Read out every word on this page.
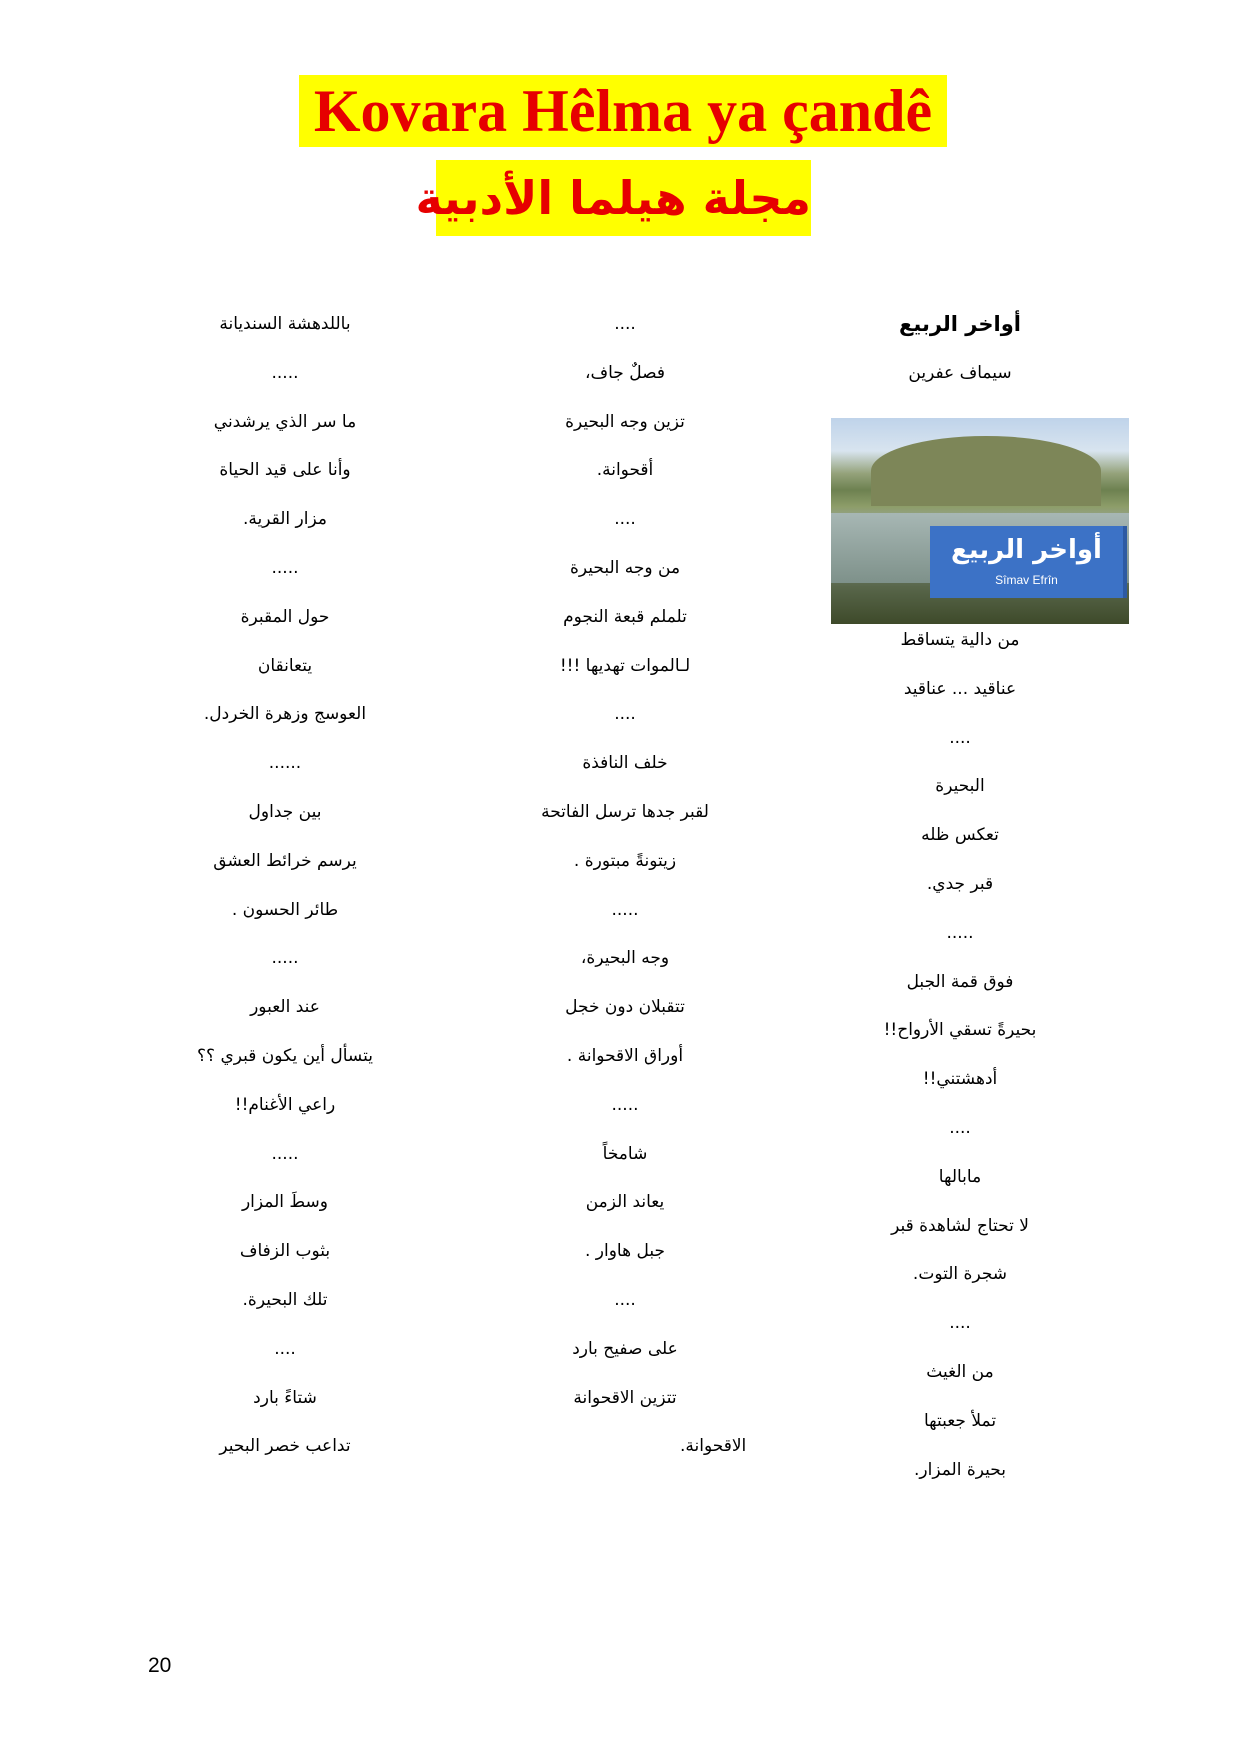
Kovara Hêlma ya çandê
مجلة هيلما الأدبية
أواخر الربيع
سيماف عفرين
أواخر الربيع
Sîmav Efrîn
من دالية يتساقط
عناقيد ... عناقيد
....
البحيرة
تعكس ظله
قبر جدي.
.....
فوق قمة الجبل
بحيرةً تسقي الأرواح!!
أدهشتني!!
....
مابالها
لا تحتاج لشاهدة قبر
شجرة التوت.
....
من الغيث
تملأ جعبتها
بحيرة المزار.
....
فصلٌ جاف،
تزين وجه البحيرة
أقحوانة.
....
من وجه البحيرة
تلملم قبعة النجوم
لـالموات تهديها !!!
....
خلف النافذة
لقبر جدها ترسل الفاتحة
زيتونةً مبتورة .
.....
وجه البحيرة،
تتقبلان دون خجل
أوراق الاقحوانة .
.....
شامخاً
يعاند الزمن
جبل هاوار .
....
على صفيح بارد
تتزين الاقحوانة
الاقحوانة.
باللدهشة السنديانة
.....
ما سر الذي يرشدني
وأنا على قيد الحياة
مزار القرية.
.....
حول المقبرة
يتعانقان
العوسج وزهرة الخردل.
......
بين جداول
يرسم خرائط العشق
طائر الحسون .
.....
عند العبور
يتسأل أين يكون قبري ؟؟
راعي الأغنام!!
.....
وسطَ المزار
بثوب الزفاف
تلك البحيرة.
....
شتاءً بارد
تداعب خصر البحير
20
